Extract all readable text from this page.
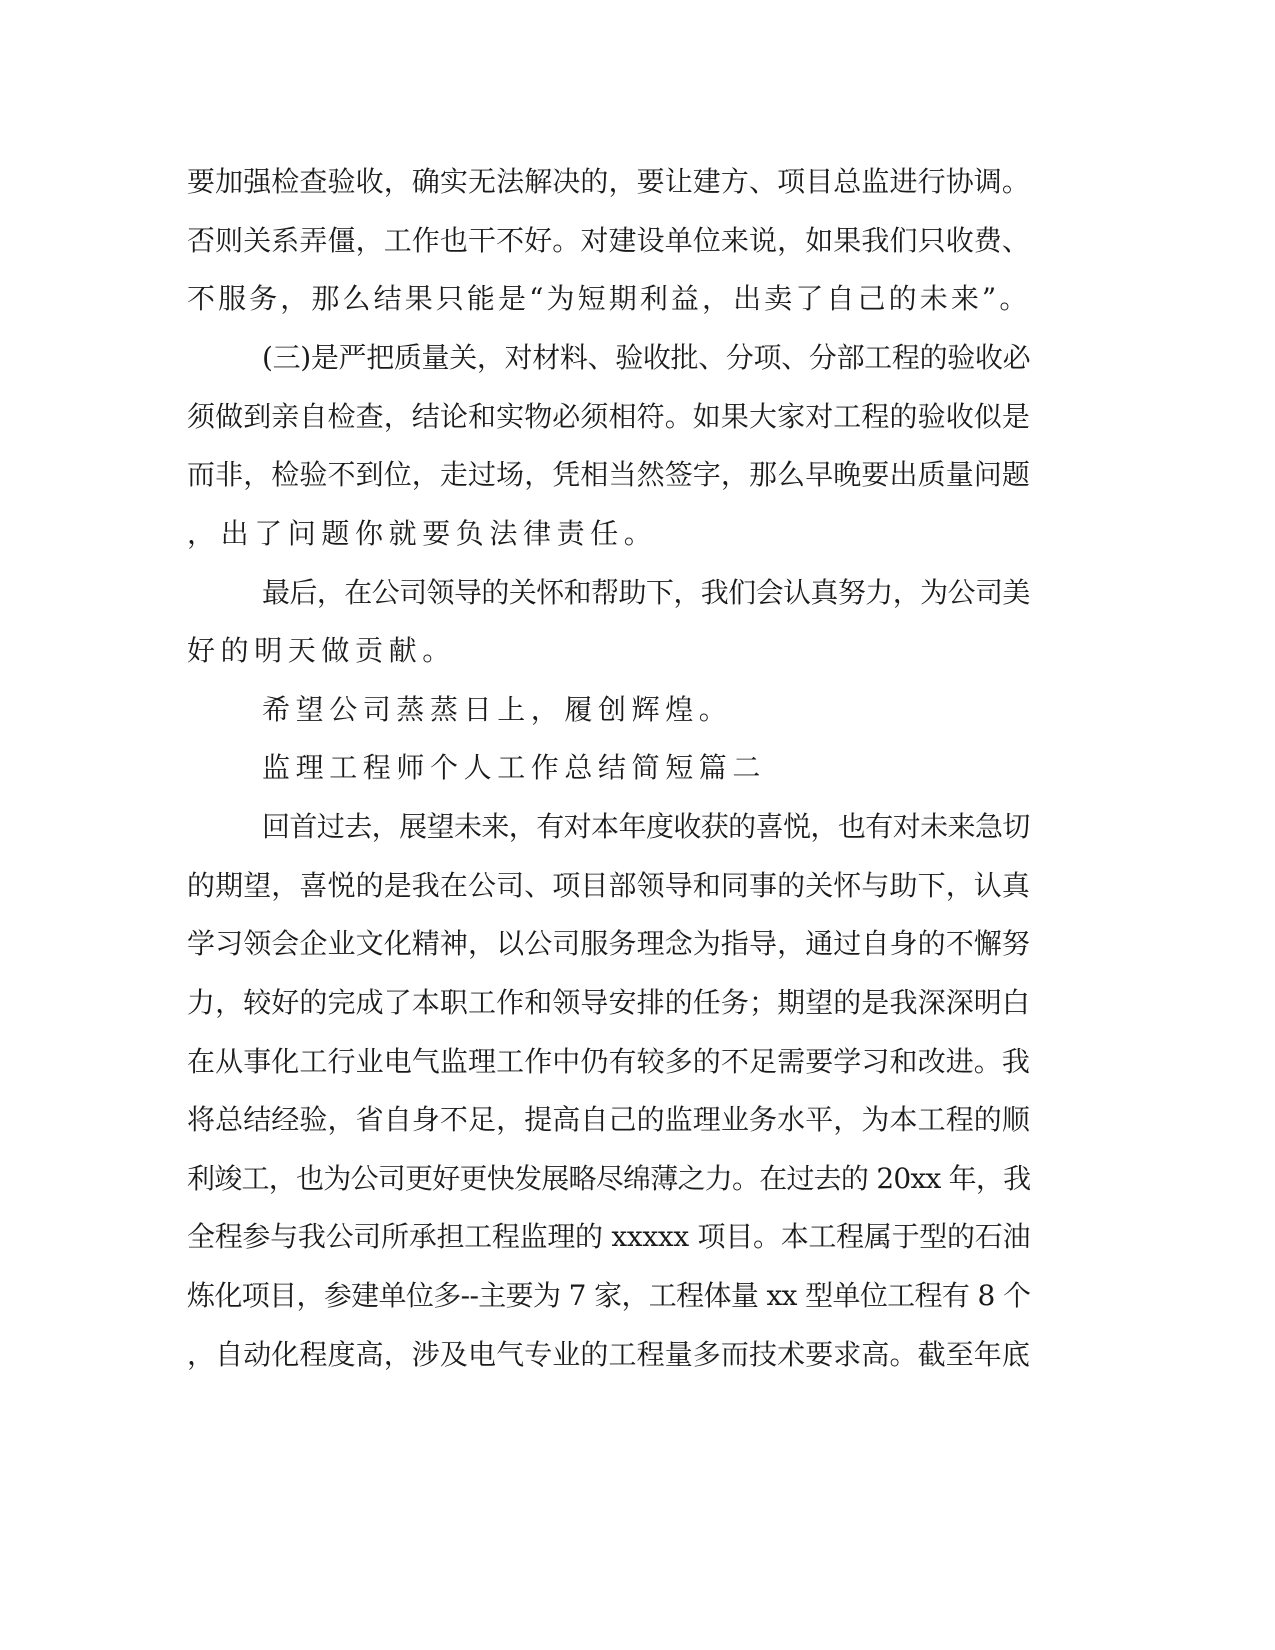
要加强检查验收，确实无法解决的，要让建方、项目总监进行协调。
否则关系弄僵，工作也干不好。对建设单位来说，如果我们只收费、
不服务，那么结果只能是“为短期利益，出卖了自己的未来”。
(三)是严把质量关，对材料、验收批、分项、分部工程的验收必
须做到亲自检查，结论和实物必须相符。如果大家对工程的验收似是
而非，检验不到位，走过场，凭相当然签字，那么早晚要出质量问题
，出了问题你就要负法律责任。
最后，在公司领导的关怀和帮助下，我们会认真努力，为公司美
好的明天做贡献。
希望公司蒸蒸日上，履创辉煌。
监理工程师个人工作总结简短篇二
回首过去，展望未来，有对本年度收获的喜悦，也有对未来急切
的期望，喜悦的是我在公司、项目部领导和同事的关怀与助下，认真
学习领会企业文化精神，以公司服务理念为指导，通过自身的不懈努
力，较好的完成了本职工作和领导安排的任务；期望的是我深深明白
在从事化工行业电气监理工作中仍有较多的不足需要学习和改进。我
将总结经验，省自身不足，提高自己的监理业务水平，为本工程的顺
利竣工，也为公司更好更快发展略尽绵薄之力。在过去的 20xx 年，我
全程参与我公司所承担工程监理的 xxxxx 项目。本工程属于型的石油
炼化项目，参建单位多--主要为 7 家，工程体量 xx 型单位工程有 8 个
，自动化程度高，涉及电气专业的工程量多而技术要求高。截至年底
